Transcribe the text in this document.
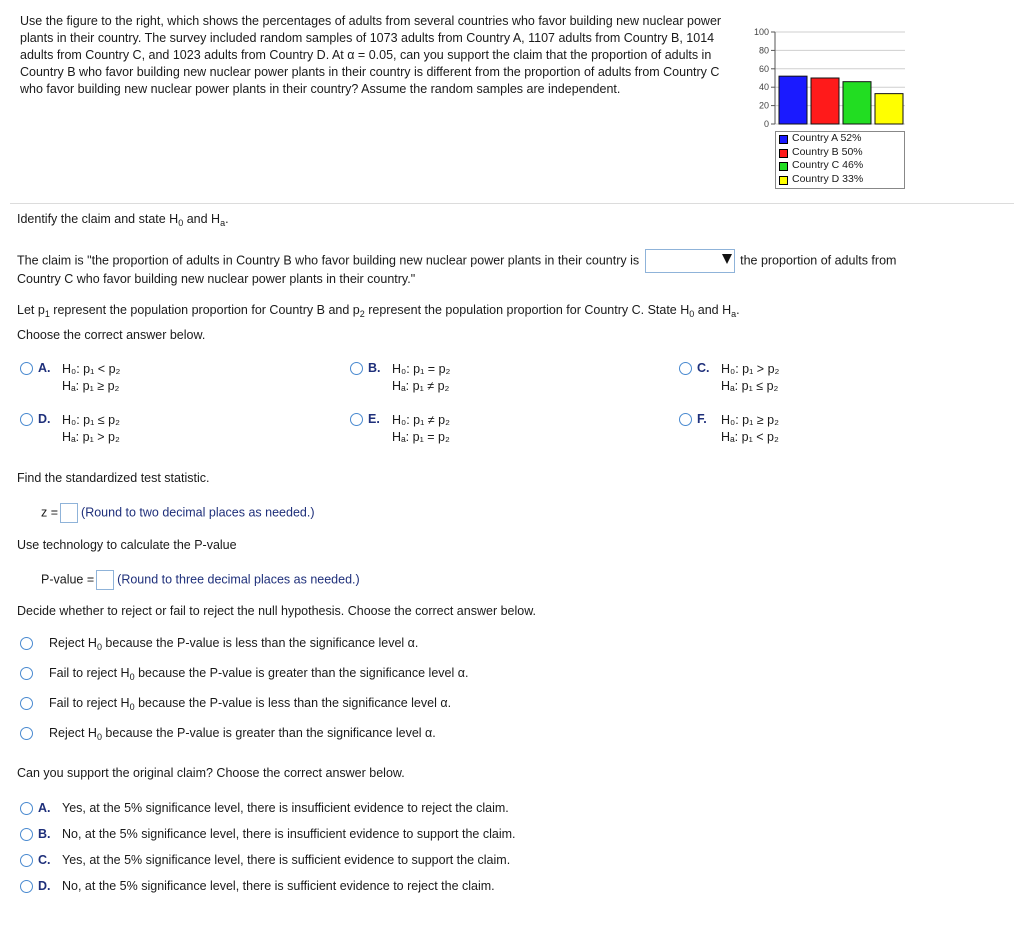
Use the figure to the right, which shows the percentages of adults from several countries who favor building new nuclear power plants in their country. The survey included random samples of 1073 adults from Country A, 1107 adults from Country B, 1014 adults from Country C, and 1023 adults from Country D. At α = 0.05, can you support the claim that the proportion of adults in Country B who favor building new nuclear power plants in their country is different from the proportion of adults from Country C who favor building new nuclear power plants in their country? Assume the random samples are independent.
0
20
40
60
80
100
Country A 52%
Country B 50%
Country C 46%
Country D 33%
Identify the claim and state $H_0$ and $H_a$.
The claim is "the proportion of adults in Country B who favor building new nuclear power plants in their country is	the proportion of adults from
Country C who favor building new nuclear power plants in their country."
Let $p_1$ represent the population proportion for Country B and $p_2$ represent the population proportion for Country C. State $H_0$ and $H_a$.
Choose the correct answer below.
A. H₀: p₁ < p₂
Hₐ: p₁ ≥ p₂
B. H₀: p₁ = p₂
Hₐ: p₁ ≠ p₂
C. H₀: p₁ > p₂
Hₐ: p₁ ≤ p₂
D. H₀: p₁ ≤ p₂
Hₐ: p₁ > p₂
E. H₀: p₁ ≠ p₂
Hₐ: p₁ = p₂
F. H₀: p₁ ≥ p₂
Hₐ: p₁ < p₂
Find the standardized test statistic.
z = (Round to two decimal places as needed.)
Use technology to calculate the P-value
P-value = (Round to three decimal places as needed.)
Decide whether to reject or fail to reject the null hypothesis. Choose the correct answer below.
Reject $H_0$ because the P-value is less than the significance level α.
Fail to reject $H_0$ because the P-value is greater than the significance level α.
Fail to reject $H_0$ because the P-value is less than the significance level α.
Reject $H_0$ because the P-value is greater than the significance level α.
Can you support the original claim? Choose the correct answer below.
A. Yes, at the 5% significance level, there is insufficient evidence to reject the claim.
B. No, at the 5% significance level, there is insufficient evidence to support the claim.
C. Yes, at the 5% significance level, there is sufficient evidence to support the claim.
D. No, at the 5% significance level, there is sufficient evidence to reject the claim.
